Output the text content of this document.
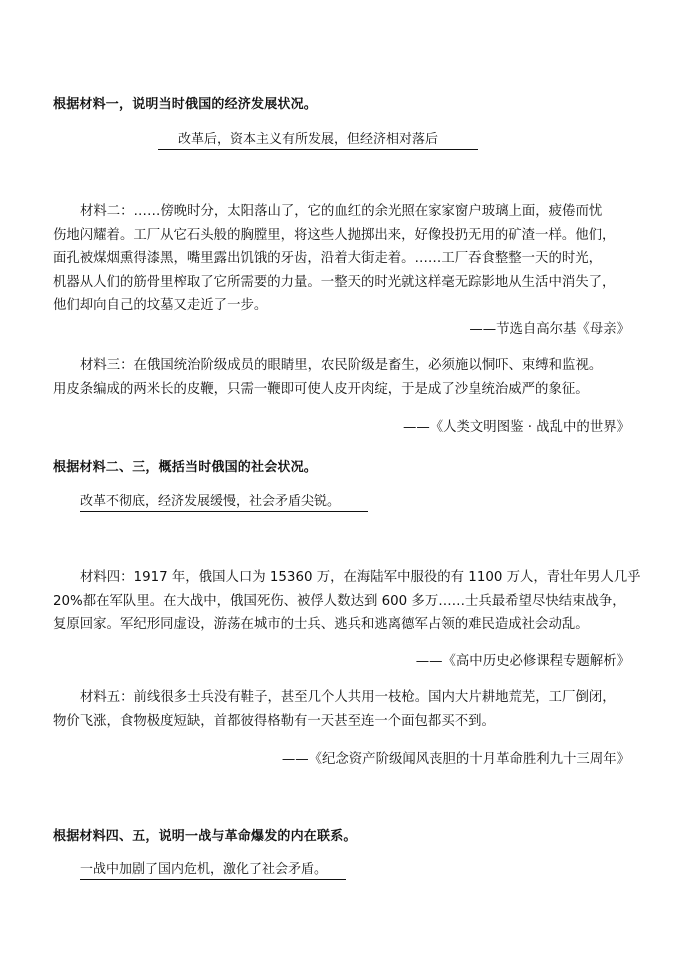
根据材料一，说明当时俄国的经济发展状况。
改革后，资本主义有所发展，但经济相对落后
材料二：……傍晚时分，太阳落山了，它的血红的余光照在家家窗户玻璃上面，疲倦而忧
伤地闪耀着。工厂从它石头般的胸膛里，将这些人抛掷出来，好像投扔无用的矿渣一样。他们，
面孔被煤烟熏得漆黑，嘴里露出饥饿的牙齿，沿着大街走着。……工厂吞食整整一天的时光，
机器从人们的筋骨里榨取了它所需要的力量。一整天的时光就这样毫无踪影地从生活中消失了，
他们却向自己的坟墓又走近了一步。
——节选自高尔基《母亲》
材料三：在俄国统治阶级成员的眼睛里，农民阶级是畜生，必须施以恫吓、束缚和监视。
用皮条编成的两米长的皮鞭，只需一鞭即可使人皮开肉绽，于是成了沙皇统治威严的象征。
——《人类文明图鉴 · 战乱中的世界》
根据材料二、三，概括当时俄国的社会状况。
改革不彻底，经济发展缓慢，社会矛盾尖锐。
材料四：1917 年，俄国人口为 15360 万，在海陆军中服役的有 1100 万人，青壮年男人几乎
20%都在军队里。在大战中，俄国死伤、被俘人数达到 600 多万……士兵最希望尽快结束战争，
复原回家。军纪形同虚设，游荡在城市的士兵、逃兵和逃离德军占领的难民造成社会动乱。
——《高中历史必修课程专题解析》
材料五：前线很多士兵没有鞋子，甚至几个人共用一枝枪。国内大片耕地荒芜，工厂倒闭，
物价飞涨，食物极度短缺，首都彼得格勒有一天甚至连一个面包都买不到。
——《纪念资产阶级闻风丧胆的十月革命胜利九十三周年》
根据材料四、五，说明一战与革命爆发的内在联系。
一战中加剧了国内危机，激化了社会矛盾。
